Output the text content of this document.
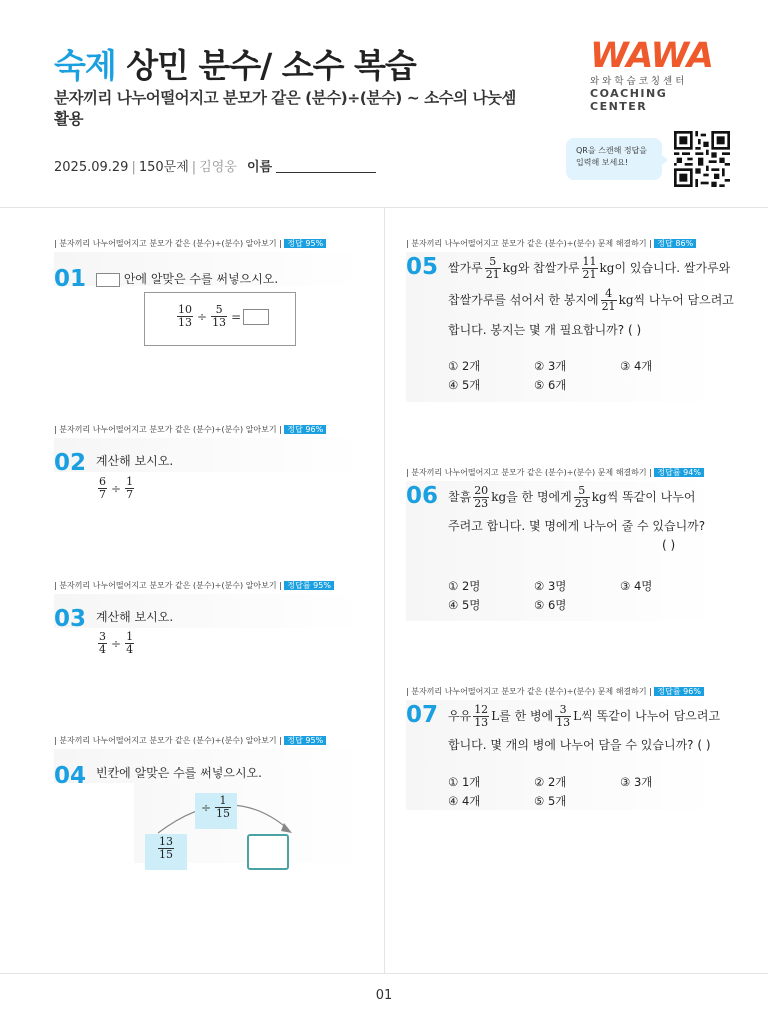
숙제 상민 분수/ 소수 복습
분자끼리 나누어떨어지고 분모가 같은 (분수)÷(분수) ~ 소수의 나눗셈 활용
2025.09.29 | 150문제 | 김영웅 이름
WAWA
와와학습코칭센터
COACHING CENTER
QR을 스캔해 정답을
입력해 보세요!
01
| 분자끼리 나누어떨어지고 분모가 같은 (분수)÷(분수) 알아보기 | 정답 95%
01	안에 알맞은 수를 써넣으시오.
$\frac{10}{13} \div \frac{5}{13}$ =
| 분자끼리 나누어떨어지고 분모가 같은 (분수)÷(분수) 알아보기 | 정답 96%
02 계산해 보시오.
$\frac{6}{7} \div \frac{1}{7}$
| 분자끼리 나누어떨어지고 분모가 같은 (분수)÷(분수) 알아보기 | 정답률 95%
03 계산해 보시오.
$\frac{3}{4} \div \frac{1}{4}$
| 분자끼리 나누어떨어지고 분모가 같은 (분수)÷(분수) 알아보기 | 정답 95%
04 빈칸에 알맞은 수를 써넣으시오.
÷ $\frac{1}{15}$
$\frac{13}{15}$
| 분자끼리 나누어떨어지고 분모가 같은 (분수)÷(분수) 문제 해결하기 | 정답 86%
05 쌀가루 $\frac{5}{21}$ kg와 찹쌀가루 $\frac{11}{21}$ kg이 있습니다. 쌀가루와
찹쌀가루를 섞어서 한 봉지에 $\frac{4}{21}$ kg씩 나누어 담으려고
합니다. 봉지는 몇 개 필요합니까? ( )
① 2개	② 3개	③ 4개
④ 5개	⑤ 6개
| 분자끼리 나누어떨어지고 분모가 같은 (분수)÷(분수) 문제 해결하기 | 정답률 94%
06 찰흙 $\frac{20}{23}$ kg을 한 명에게 $\frac{5}{23}$ kg씩 똑같이 나누어
주려고 합니다. 몇 명에게 나누어 줄 수 있습니까?
( )
① 2명	② 3명	③ 4명
④ 5명	⑤ 6명
| 분자끼리 나누어떨어지고 분모가 같은 (분수)÷(분수) 문제 해결하기 | 정답률 96%
07 우유 $\frac{12}{13}$ L를 한 병에 $\frac{3}{13}$ L씩 똑같이 나누어 담으려고
합니다. 몇 개의 병에 나누어 담을 수 있습니까? ( )
① 1개	② 2개	③ 3개
④ 4개	⑤ 5개
